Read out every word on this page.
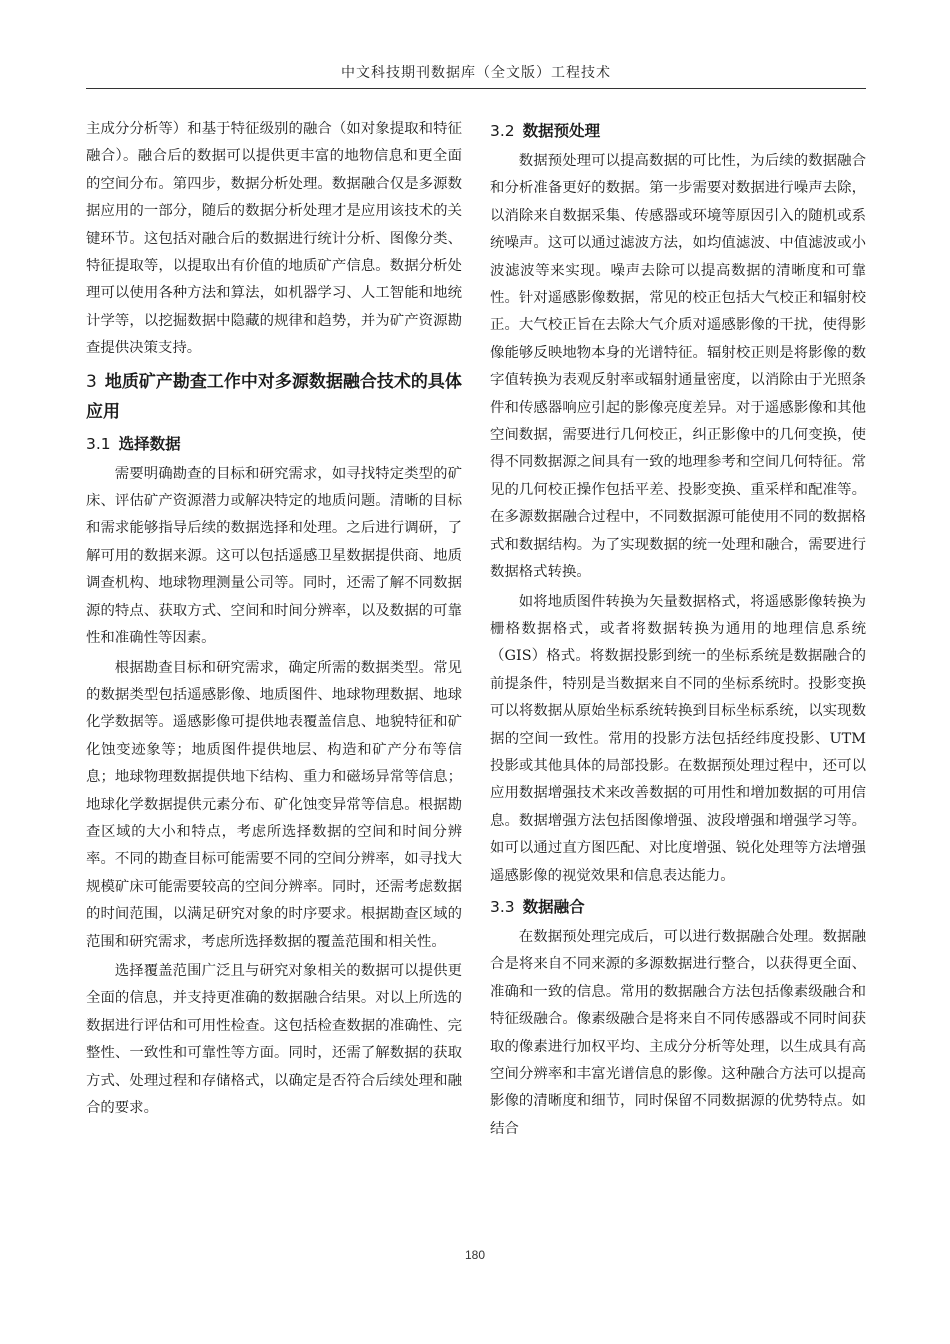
中文科技期刊数据库（全文版）工程技术

主成分分析等）和基于特征级别的融合（如对象提取和特征融合）。融合后的数据可以提供更丰富的地物信息和更全面的空间分布。第四步，数据分析处理。数据融合仅是多源数据应用的一部分，随后的数据分析处理才是应用该技术的关键环节。这包括对融合后的数据进行统计分析、图像分类、特征提取等，以提取出有价值的地质矿产信息。数据分析处理可以使用各种方法和算法，如机器学习、人工智能和地统计学等，以挖掘数据中隐藏的规律和趋势，并为矿产资源勘查提供决策支持。

3 地质矿产勘查工作中对多源数据融合技术的具体应用
3.1 选择数据

需要明确勘查的目标和研究需求，如寻找特定类型的矿床、评估矿产资源潜力或解决特定的地质问题。清晰的目标和需求能够指导后续的数据选择和处理。之后进行调研，了解可用的数据来源。这可以包括遥感卫星数据提供商、地质调查机构、地球物理测量公司等。同时，还需了解不同数据源的特点、获取方式、空间和时间分辨率，以及数据的可靠性和准确性等因素。

根据勘查目标和研究需求，确定所需的数据类型。常见的数据类型包括遥感影像、地质图件、地球物理数据、地球化学数据等。遥感影像可提供地表覆盖信息、地貌特征和矿化蚀变迹象等；地质图件提供地层、构造和矿产分布等信息；地球物理数据提供地下结构、重力和磁场异常等信息；地球化学数据提供元素分布、矿化蚀变异常等信息。根据勘查区域的大小和特点，考虑所选择数据的空间和时间分辨率。不同的勘查目标可能需要不同的空间分辨率，如寻找大规模矿床可能需要较高的空间分辨率。同时，还需考虑数据的时间范围，以满足研究对象的时序要求。根据勘查区域的范围和研究需求，考虑所选择数据的覆盖范围和相关性。

选择覆盖范围广泛且与研究对象相关的数据可以提供更全面的信息，并支持更准确的数据融合结果。对以上所选的数据进行评估和可用性检查。这包括检查数据的准确性、完整性、一致性和可靠性等方面。同时，还需了解数据的获取方式、处理过程和存储格式，以确定是否符合后续处理和融合的要求。

3.2 数据预处理

数据预处理可以提高数据的可比性，为后续的数据融合和分析准备更好的数据。第一步需要对数据进行噪声去除，以消除来自数据采集、传感器或环境等原因引入的随机或系统噪声。这可以通过滤波方法，如均值滤波、中值滤波或小波滤波等来实现。噪声去除可以提高数据的清晰度和可靠性。针对遥感影像数据，常见的校正包括大气校正和辐射校正。大气校正旨在去除大气介质对遥感影像的干扰，使得影像能够反映地物本身的光谱特征。辐射校正则是将影像的数字值转换为表观反射率或辐射通量密度，以消除由于光照条件和传感器响应引起的影像亮度差异。对于遥感影像和其他空间数据，需要进行几何校正，纠正影像中的几何变换，使得不同数据源之间具有一致的地理参考和空间几何特征。常见的几何校正操作包括平差、投影变换、重采样和配准等。在多源数据融合过程中，不同数据源可能使用不同的数据格式和数据结构。为了实现数据的统一处理和融合，需要进行数据格式转换。

如将地质图件转换为矢量数据格式，将遥感影像转换为栅格数据格式，或者将数据转换为通用的地理信息系统（GIS）格式。将数据投影到统一的坐标系统是数据融合的前提条件，特别是当数据来自不同的坐标系统时。投影变换可以将数据从原始坐标系统转换到目标坐标系统，以实现数据的空间一致性。常用的投影方法包括经纬度投影、UTM投影或其他具体的局部投影。在数据预处理过程中，还可以应用数据增强技术来改善数据的可用性和增加数据的可用信息。数据增强方法包括图像增强、波段增强和增强学习等。如可以通过直方图匹配、对比度增强、锐化处理等方法增强遥感影像的视觉效果和信息表达能力。

3.3 数据融合

在数据预处理完成后，可以进行数据融合处理。数据融合是将来自不同来源的多源数据进行整合，以获得更全面、准确和一致的信息。常用的数据融合方法包括像素级融合和特征级融合。像素级融合是将来自不同传感器或不同时间获取的像素进行加权平均、主成分分析等处理，以生成具有高空间分辨率和丰富光谱信息的影像。这种融合方法可以提高影像的清晰度和细节，同时保留不同数据源的优势特点。如结合

180
